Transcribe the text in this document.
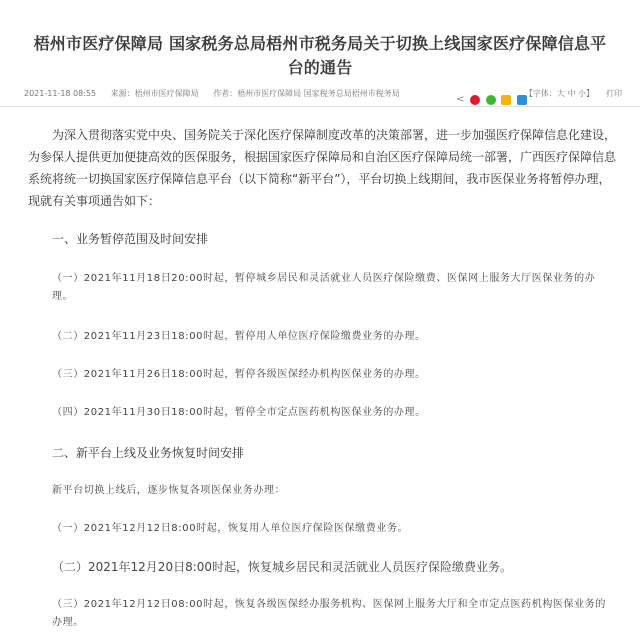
梧州市医疗保障局 国家税务总局梧州市税务局关于切换上线国家医疗保障信息平台的通告
2021-11-18 08:55 来源：梧州市医疗保障局 作者：梧州市医疗保障局 国家税务总局梧州市税务局	<	【字体：大 中 小】 打印

为深入贯彻落实党中央、国务院关于深化医疗保障制度改革的决策部署，进一步加强医疗保障信息化建设，为参保人提供更加便捷高效的医保服务，根据国家医疗保障局和自治区医疗保障局统一部署，广西医疗保障信息系统将统一切换国家医疗保障信息平台（以下简称“新平台”），平台切换上线期间，我市医保业务将暂停办理，现就有关事项通告如下：

一、业务暂停范围及时间安排

（一）2021年11月18日20:00时起，暂停城乡居民和灵活就业人员医疗保险缴费、医保网上服务大厅医保业务的办理。

（二）2021年11月23日18:00时起，暂停用人单位医疗保险缴费业务的办理。

（三）2021年11月26日18:00时起，暂停各级医保经办机构医保业务的办理。

（四）2021年11月30日18:00时起，暂停全市定点医药机构医保业务的办理。

二、新平台上线及业务恢复时间安排

新平台切换上线后，逐步恢复各项医保业务办理：

（一）2021年12月12日8:00时起，恢复用人单位医疗保险医保缴费业务。

（二）2021年12月20日8:00时起，恢复城乡居民和灵活就业人员医疗保险缴费业务。

（三）2021年12月12日08:00时起，恢复各级医保经办服务机构、医保网上服务大厅和全市定点医药机构医保业务的办理。
